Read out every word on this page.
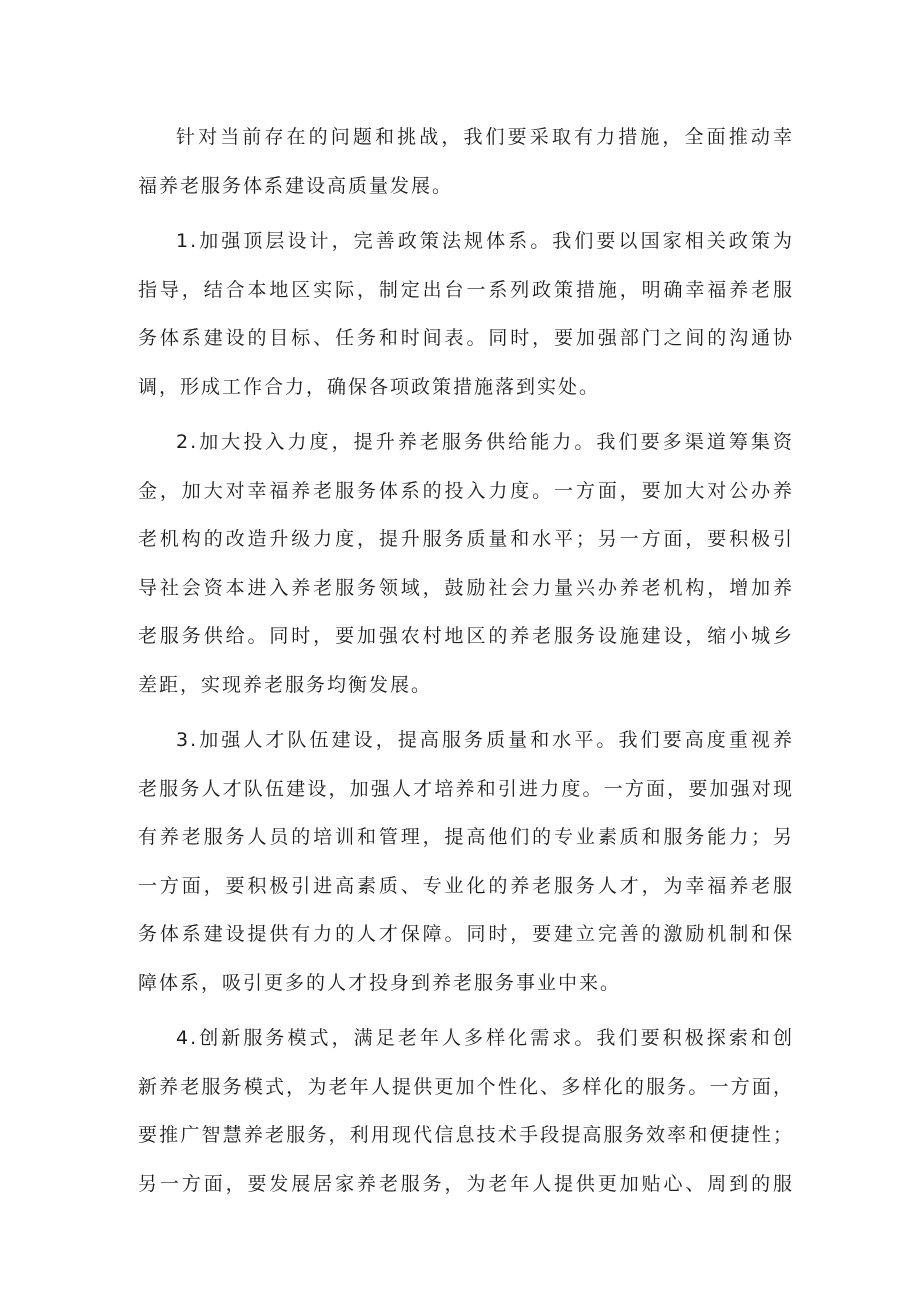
针对当前存在的问题和挑战，我们要采取有力措施，全面推动幸
福养老服务体系建设高质量发展。
1.加强顶层设计，完善政策法规体系。我们要以国家相关政策为
指导，结合本地区实际，制定出台一系列政策措施，明确幸福养老服
务体系建设的目标、任务和时间表。同时，要加强部门之间的沟通协
调，形成工作合力，确保各项政策措施落到实处。
2.加大投入力度，提升养老服务供给能力。我们要多渠道筹集资
金，加大对幸福养老服务体系的投入力度。一方面，要加大对公办养
老机构的改造升级力度，提升服务质量和水平；另一方面，要积极引
导社会资本进入养老服务领域，鼓励社会力量兴办养老机构，增加养
老服务供给。同时，要加强农村地区的养老服务设施建设，缩小城乡
差距，实现养老服务均衡发展。
3.加强人才队伍建设，提高服务质量和水平。我们要高度重视养
老服务人才队伍建设，加强人才培养和引进力度。一方面，要加强对现
有养老服务人员的培训和管理，提高他们的专业素质和服务能力；另
一方面，要积极引进高素质、专业化的养老服务人才，为幸福养老服
务体系建设提供有力的人才保障。同时，要建立完善的激励机制和保
障体系，吸引更多的人才投身到养老服务事业中来。
4.创新服务模式，满足老年人多样化需求。我们要积极探索和创
新养老服务模式，为老年人提供更加个性化、多样化的服务。一方面，
要推广智慧养老服务，利用现代信息技术手段提高服务效率和便捷性；
另一方面，要发展居家养老服务，为老年人提供更加贴心、周到的服
